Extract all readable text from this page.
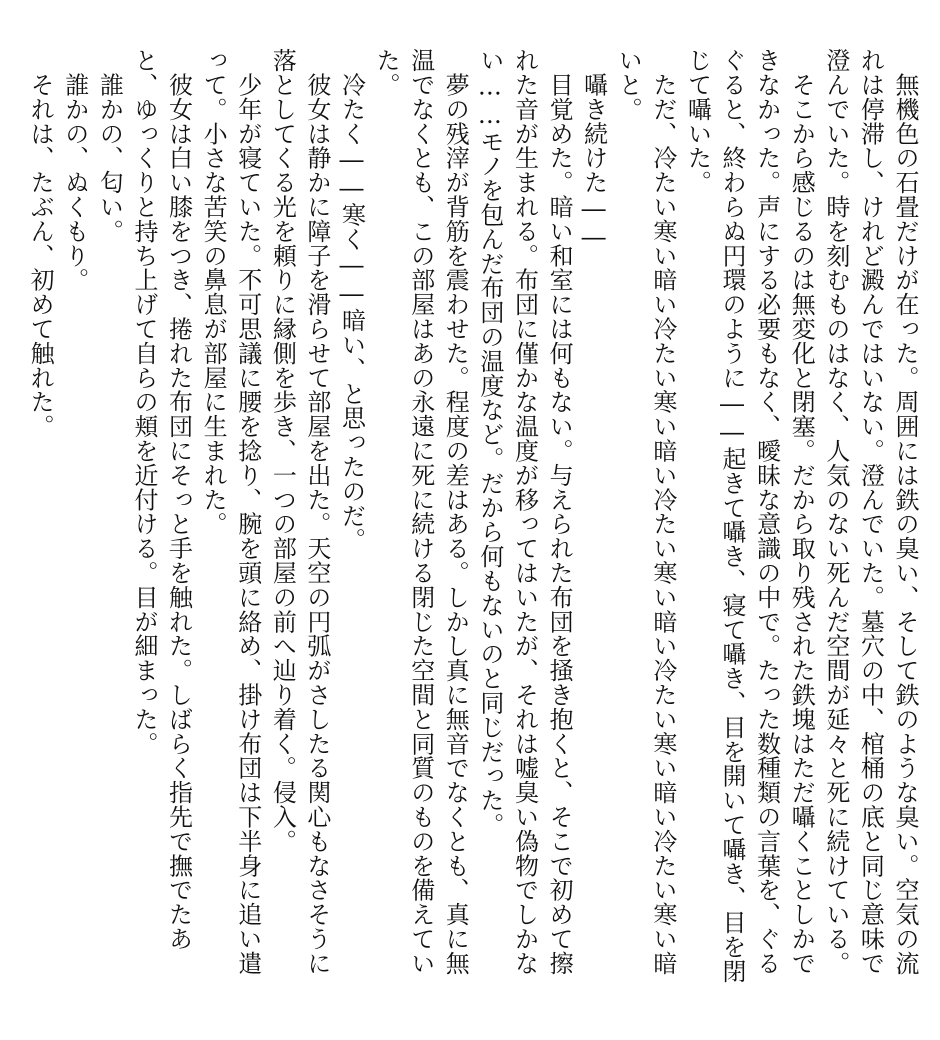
　無機色の石畳だけが在った。周囲には鉄の臭い、そして鉄のような臭い。空気の流れは停滞し、けれど澱んではいない。澄んでいた。墓穴の中、棺桶の底と同じ意味で澄んでいた。時を刻むものはなく、人気のない死んだ空間が延々と死に続けている。

　そこから感じるのは無変化と閉塞。だから取り残された鉄塊はただ囁くことしかできなかった。声にする必要もなく、曖昧な意識の中で。たった数種類の言葉を、ぐるぐると、終わらぬ円環のように――起きて囁き、寝て囁き、目を開いて囁き、目を閉じて囁いた。

　ただ、冷たい寒い暗い冷たい寒い暗い冷たい寒い暗い冷たい寒い暗い冷たい寒い暗いと。

　囁き続けた――

　目覚めた。暗い和室には何もない。与えられた布団を掻き抱くと、そこで初めて擦れた音が生まれる。布団に僅かな温度が移ってはいたが、それは嘘臭い偽物でしかない……モノを包んだ布団の温度など。だから何もないのと同じだった。

　夢の残滓が背筋を震わせた。程度の差はある。しかし真に無音でなくとも、真に無温でなくとも、この部屋はあの永遠に死に続ける閉じた空間と同質のものを備えていた。

　冷たく――寒く――暗い、と思ったのだ。

　彼女は静かに障子を滑らせて部屋を出た。天空の円弧がさしたる関心もなさそうに落としてくる光を頼りに縁側を歩き、一つの部屋の前へ辿り着く。侵入。

　少年が寝ていた。不可思議に腰を捻り、腕を頭に絡め、掛け布団は下半身に追い遣って。小さな苦笑の鼻息が部屋に生まれた。

　彼女は白い膝をつき、捲れた布団にそっと手を触れた。しばらく指先で撫でたあと、ゆっくりと持ち上げて自らの頬を近付ける。目が細まった。

　誰かの、匂い。

　誰かの、ぬくもり。

　それは、たぶん、初めて触れた。
